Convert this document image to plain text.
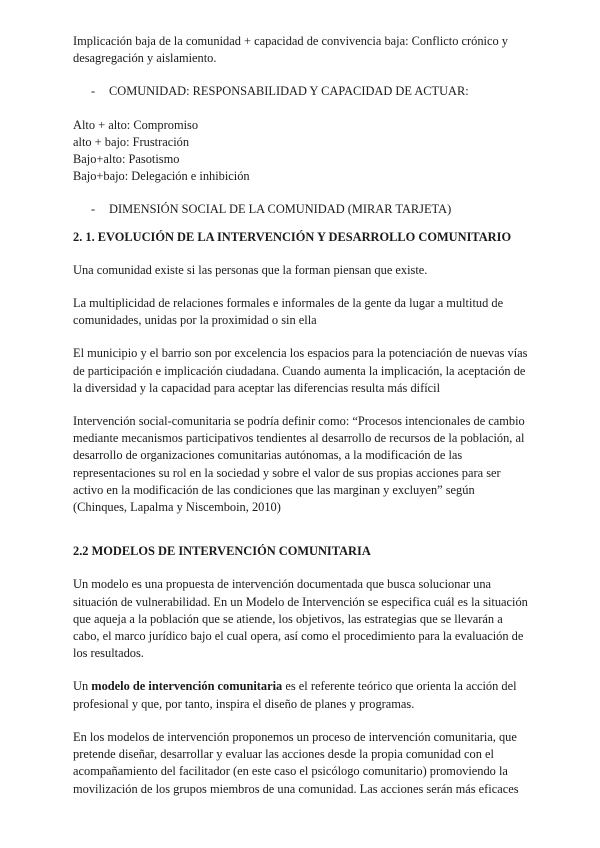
Implicación baja de la comunidad + capacidad de convivencia baja: Conflicto crónico y desagregación y aislamiento.

-	COMUNIDAD: RESPONSABILIDAD Y CAPACIDAD DE ACTUAR:

Alto + alto: Compromiso

alto + bajo: Frustración

Bajo+alto: Pasotismo

Bajo+bajo: Delegación e inhibición

-	DIMENSIÓN SOCIAL DE LA COMUNIDAD (MIRAR TARJETA)

2. 1. EVOLUCIÓN DE LA INTERVENCIÓN Y DESARROLLO COMUNITARIO

Una comunidad existe si las personas que la forman piensan que existe.

La multiplicidad de relaciones formales e informales de la gente da lugar a multitud de comunidades, unidas por la proximidad o sin ella

El municipio y el barrio son por excelencia los espacios para la potenciación de nuevas vías de participación e implicación ciudadana. Cuando aumenta la implicación, la aceptación de la diversidad y la capacidad para aceptar las diferencias resulta más difícil

Intervención social-comunitaria se podría definir como: “Procesos intencionales de cambio mediante mecanismos participativos tendientes al desarrollo de recursos de la población, al desarrollo de organizaciones comunitarias autónomas, a la modificación de las representaciones su rol en la sociedad y sobre el valor de sus propias acciones para ser activo en la modificación de las condiciones que las marginan y excluyen” según (Chinques, Lapalma y Niscemboin, 2010)

2.2 MODELOS DE INTERVENCIÓN COMUNITARIA

Un modelo es una propuesta de intervención documentada que busca solucionar una situación de vulnerabilidad. En un Modelo de Intervención se especifica cuál es la situación que aqueja a la población que se atiende, los objetivos, las estrategias que se llevarán a cabo, el marco jurídico bajo el cual opera, así como el procedimiento para la evaluación de los resultados.

Un modelo de intervención comunitaria es el referente teórico que orienta la acción del profesional y que, por tanto, inspira el diseño de planes y programas.

En los modelos de intervención proponemos un proceso de intervención comunitaria, que pretende diseñar, desarrollar y evaluar las acciones desde la propia comunidad con el acompañamiento del facilitador (en este caso el psicólogo comunitario) promoviendo la movilización de los grupos miembros de una comunidad. Las acciones serán más eficaces
